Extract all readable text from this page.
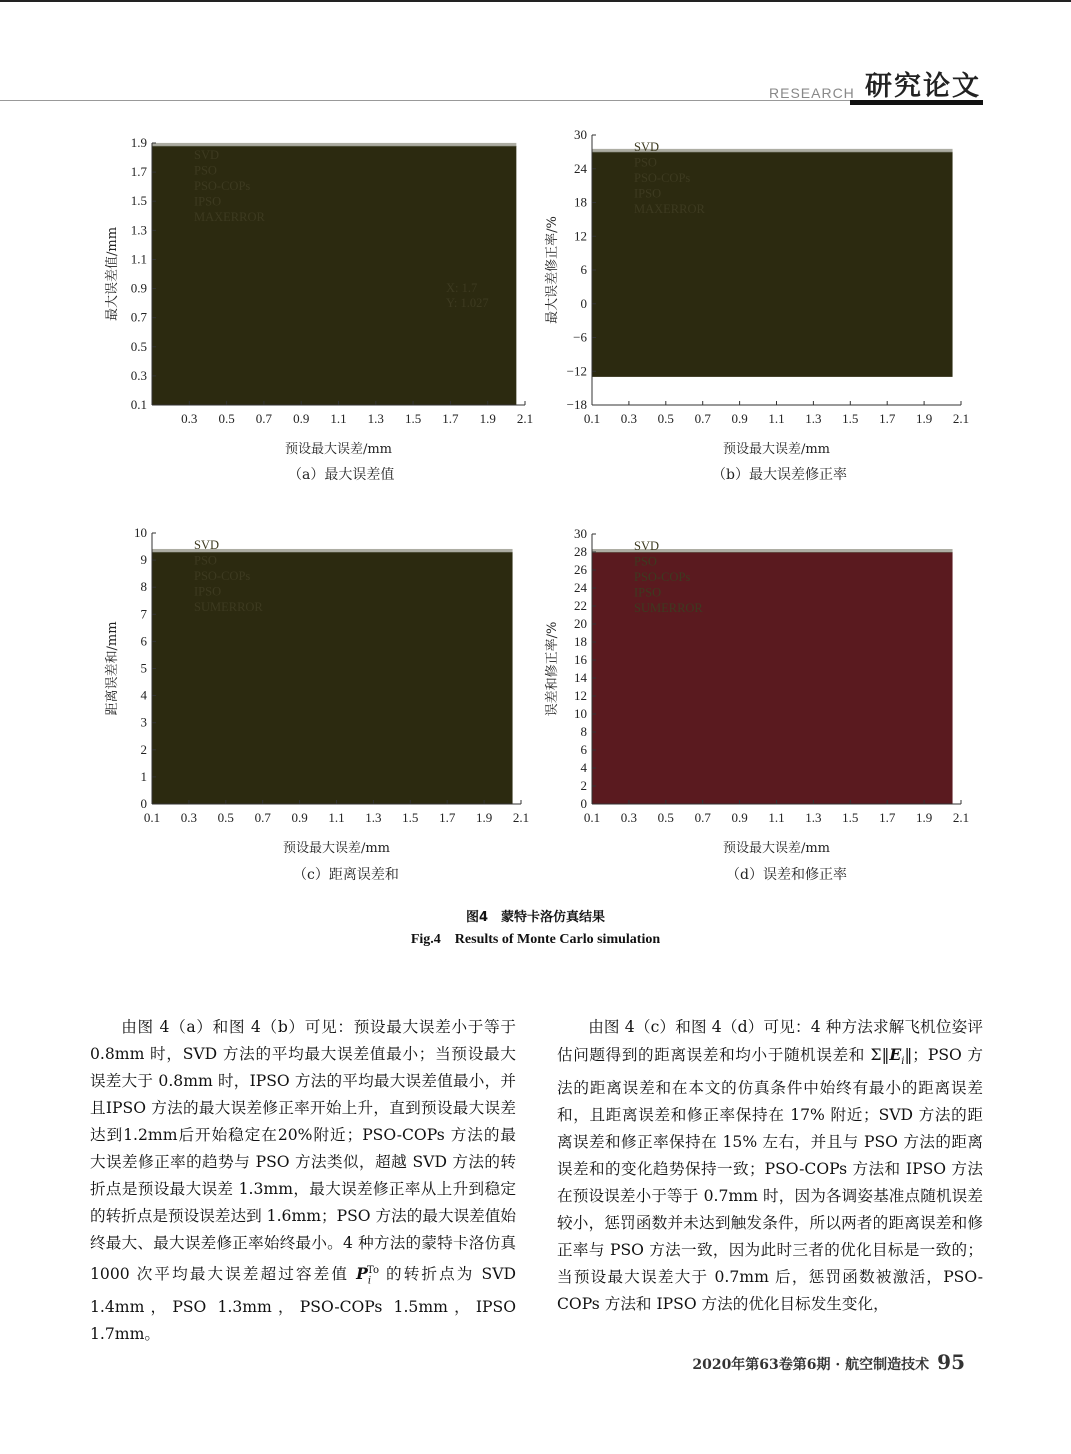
RESEARCH 研究论文
0.1
0.3
0.5
0.7
0.9
1.1
1.3
1.5
1.7
1.9
0.3 0.5 0.7 0.9 1.1 1.3 1.5 1.7 1.9 2.1
预设最大误差/mm
最大误差值/mm
SVD
PSO
PSO-COPs
IPSO
MAXERROR
X: 1.7
Y: 1.027
−18
−12
−6
0
6
12
18
24
30
0.1 0.3 0.5 0.7 0.9 1.1 1.3 1.5 1.7 1.9 2.1
预设最大误差/mm
最大误差修正率/%
SVD
PSO
PSO-COPs
IPSO
MAXERROR
0
1
2
3
4
5
6
7
8
9
10
0.1 0.3 0.5 0.7 0.9 1.1 1.3 1.5 1.7 1.9 2.1
预设最大误差/mm
距离误差和/mm
SVD
PSO
PSO-COPs
IPSO
SUMERROR
0
2
4
6
8
10
12
14
16
18
20
22
24
26
28
30
0.1 0.3 0.5 0.7 0.9 1.1 1.3 1.5 1.7 1.9 2.1
预设最大误差/mm
误差和修正率/%
SVD
PSO
PSO-COPs
IPSO
SUMERROR
（a）最大误差值	（b）最大误差修正率
（c）距离误差和	（d）误差和修正率
图4　蒙特卡洛仿真结果
Fig.4　Results of Monte Carlo simulation

由图 4（a）和图 4（b）可见：预设最大误差小于等于 0.8mm 时，SVD 方法的平均最大误差值最小；当预设最大误差大于 0.8mm 时，IPSO 方法的平均最大误差值最小，并且IPSO 方法的最大误差修正率开始上升，直到预设最大误差达到1.2mm后开始稳定在20%附近；PSO-COPs 方法的最大误差修正率的趋势与 PSO 方法类似，超越 SVD 方法的转折点是预设最大误差 1.3mm，最大误差修正率从上升到稳定的转折点是预设误差达到 1.6mm；PSO 方法的最大误差值始终最大、最大误差修正率始终最小。4 种方法的蒙特卡洛仿真 1000 次平均最大误差超过容差值 $P_i^{To}$ 的转折点为 SVD 1.4mm，PSO 1.3mm，PSO-COPs 1.5mm，IPSO 1.7mm。

由图 4（c）和图 4（d）可见：4 种方法求解飞机位姿评估问题得到的距离误差和均小于随机误差和 $\Sigma‖E_i‖$；PSO 方法的距离误差和在本文的仿真条件中始终有最小的距离误差和，且距离误差和修正率保持在 17% 附近；SVD 方法的距离误差和修正率保持在 15% 左右，并且与 PSO 方法的距离误差和的变化趋势保持一致；PSO-COPs 方法和 IPSO 方法在预设误差小于等于 0.7mm 时，因为各调姿基准点随机误差较小，惩罚函数并未达到触发条件，所以两者的距离误差和修正率与 PSO 方法一致，因为此时三者的优化目标是一致的；当预设最大误差大于 0.7mm 后，惩罚函数被激活，PSO-COPs 方法和 IPSO 方法的优化目标发生变化，

2020年第63卷第6期 · 航空制造技术 95
